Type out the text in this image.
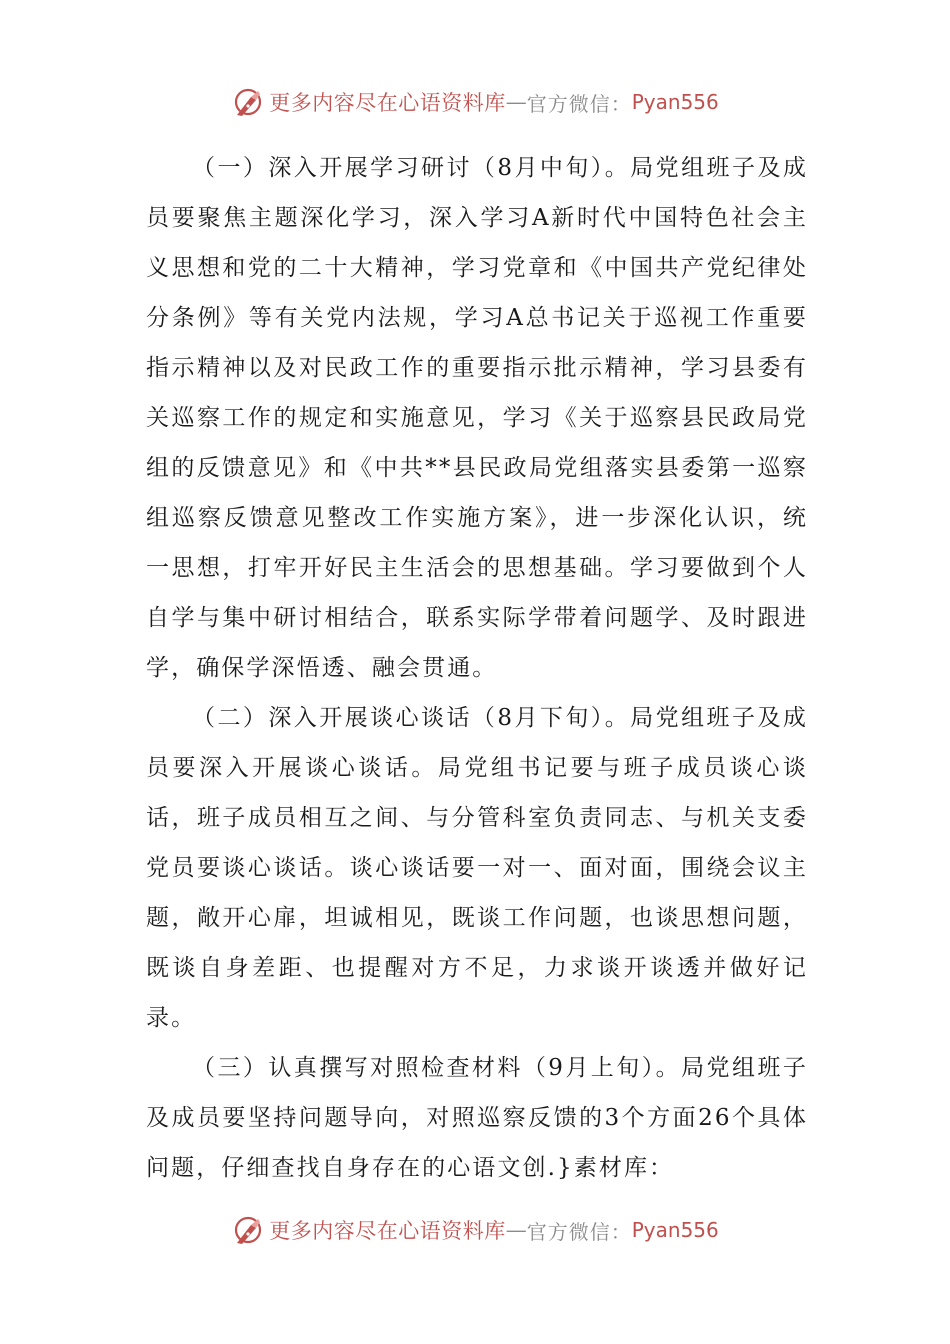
更多内容尽在心语资料库 — 官方微信： Pyan556

（一）深入开展学习研讨（8月中旬）。局党组班子及成员要聚焦主题深化学习，深入学习A新时代中国特色社会主义思想和党的二十大精神，学习党章和《中国共产党纪律处分条例》等有关党内法规，学习A总书记关于巡视工作重要指示精神以及对民政工作的重要指示批示精神，学习县委有关巡察工作的规定和实施意见，学习《关于巡察县民政局党组的反馈意见》和《中共**县民政局党组落实县委第一巡察组巡察反馈意见整改工作实施方案》，进一步深化认识，统一思想，打牢开好民主生活会的思想基础。学习要做到个人自学与集中研讨相结合，联系实际学带着问题学、及时跟进学，确保学深悟透、融会贯通。

（二）深入开展谈心谈话（8月下旬）。局党组班子及成员要深入开展谈心谈话。局党组书记要与班子成员谈心谈话，班子成员相互之间、与分管科室负责同志、与机关支委党员要谈心谈话。谈心谈话要一对一、面对面，围绕会议主题，敞开心扉，坦诚相见，既谈工作问题，也谈思想问题，既谈自身差距、也提醒对方不足，力求谈开谈透并做好记录。

（三）认真撰写对照检查材料（9月上旬）。局党组班子及成员要坚持问题导向，对照巡察反馈的3个方面26个具体问题，仔细查找自身存在的心语文创.}素材库：

更多内容尽在心语资料库 — 官方微信： Pyan556
